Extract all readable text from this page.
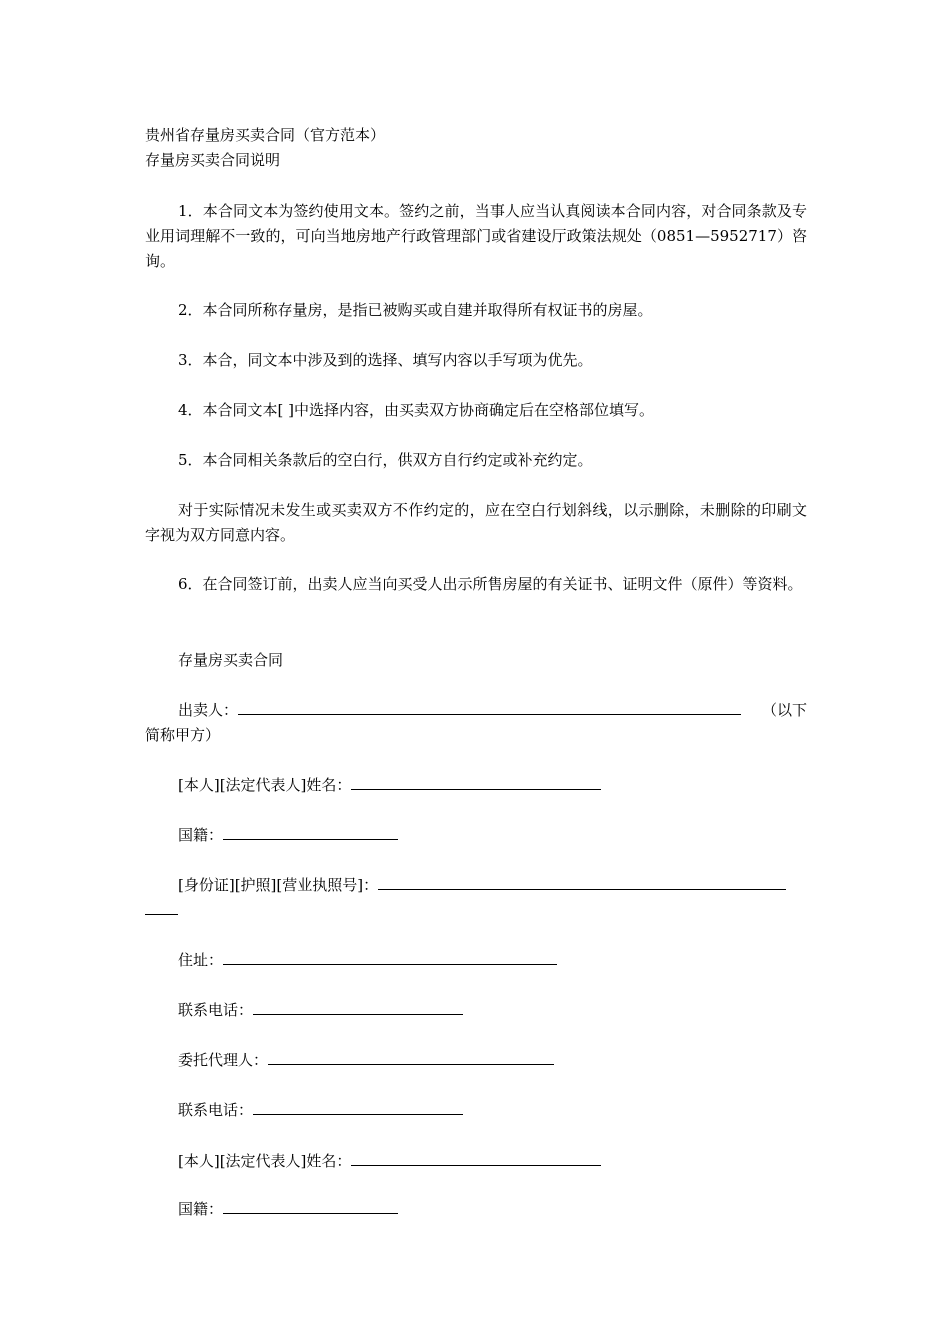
贵州省存量房买卖合同（官方范本）

存量房买卖合同说明

1．本合同文本为签约使用文本。签约之前，当事人应当认真阅读本合同内容，对合同条款及专业用词理解不一致的，可向当地房地产行政管理部门或省建设厅政策法规处（0851—5952717）咨询。

2．本合同所称存量房，是指已被购买或自建并取得所有权证书的房屋。

3．本合，同文本中涉及到的选择、填写内容以手写项为优先。

4．本合同文本[ ]中选择内容，由买卖双方协商确定后在空格部位填写。

5．本合同相关条款后的空白行，供双方自行约定或补充约定。

对于实际情况未发生或买卖双方不作约定的，应在空白行划斜线，以示删除，未删除的印刷文字视为双方同意内容。

6．在合同签订前，出卖人应当向买受人出示所售房屋的有关证书、证明文件（原件）等资料。

存量房买卖合同

出卖人：	（以下

简称甲方）

[本人][法定代表人]姓名：
国籍：
[身份证][护照][营业执照号]：
住址：
联系电话：
委托代理人：
联系电话：
[本人][法定代表人]姓名：
国籍：
